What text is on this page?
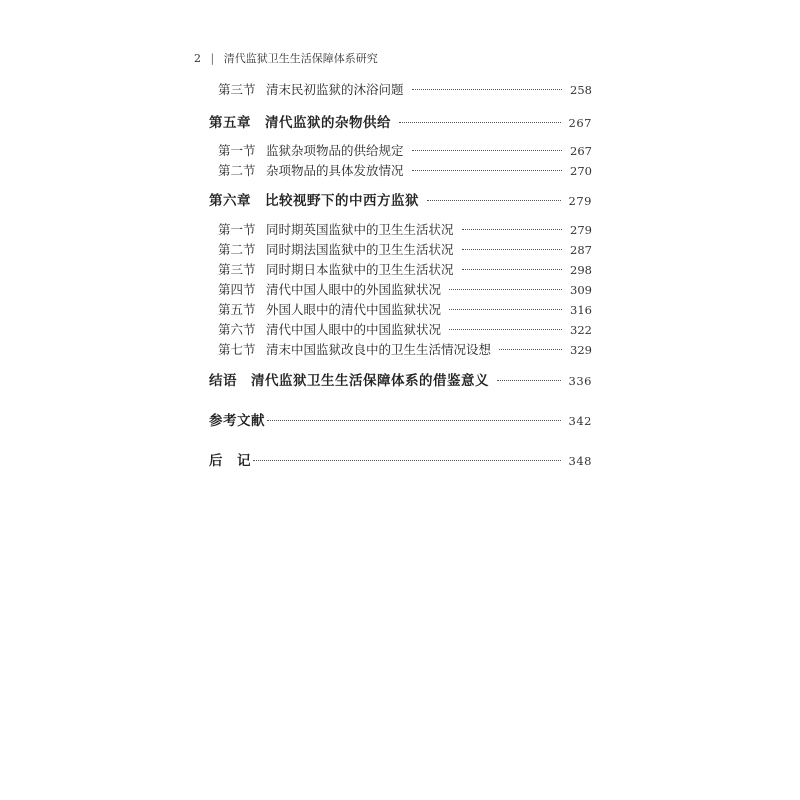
2 | 清代监狱卫生生活保障体系研究
第三节 清末民初监狱的沐浴问题	258
第五章 清代监狱的杂物供给	267
第一节 监狱杂项物品的供给规定	267
第二节 杂项物品的具体发放情况	270
第六章 比较视野下的中西方监狱	279
第一节 同时期英国监狱中的卫生生活状况	279
第二节 同时期法国监狱中的卫生生活状况	287
第三节 同时期日本监狱中的卫生生活状况	298
第四节 清代中国人眼中的外国监狱状况	309
第五节 外国人眼中的清代中国监狱状况	316
第六节 清代中国人眼中的中国监狱状况	322
第七节 清末中国监狱改良中的卫生生活情况设想	329
结语 清代监狱卫生生活保障体系的借鉴意义	336
参考文献	342
后　记	348
